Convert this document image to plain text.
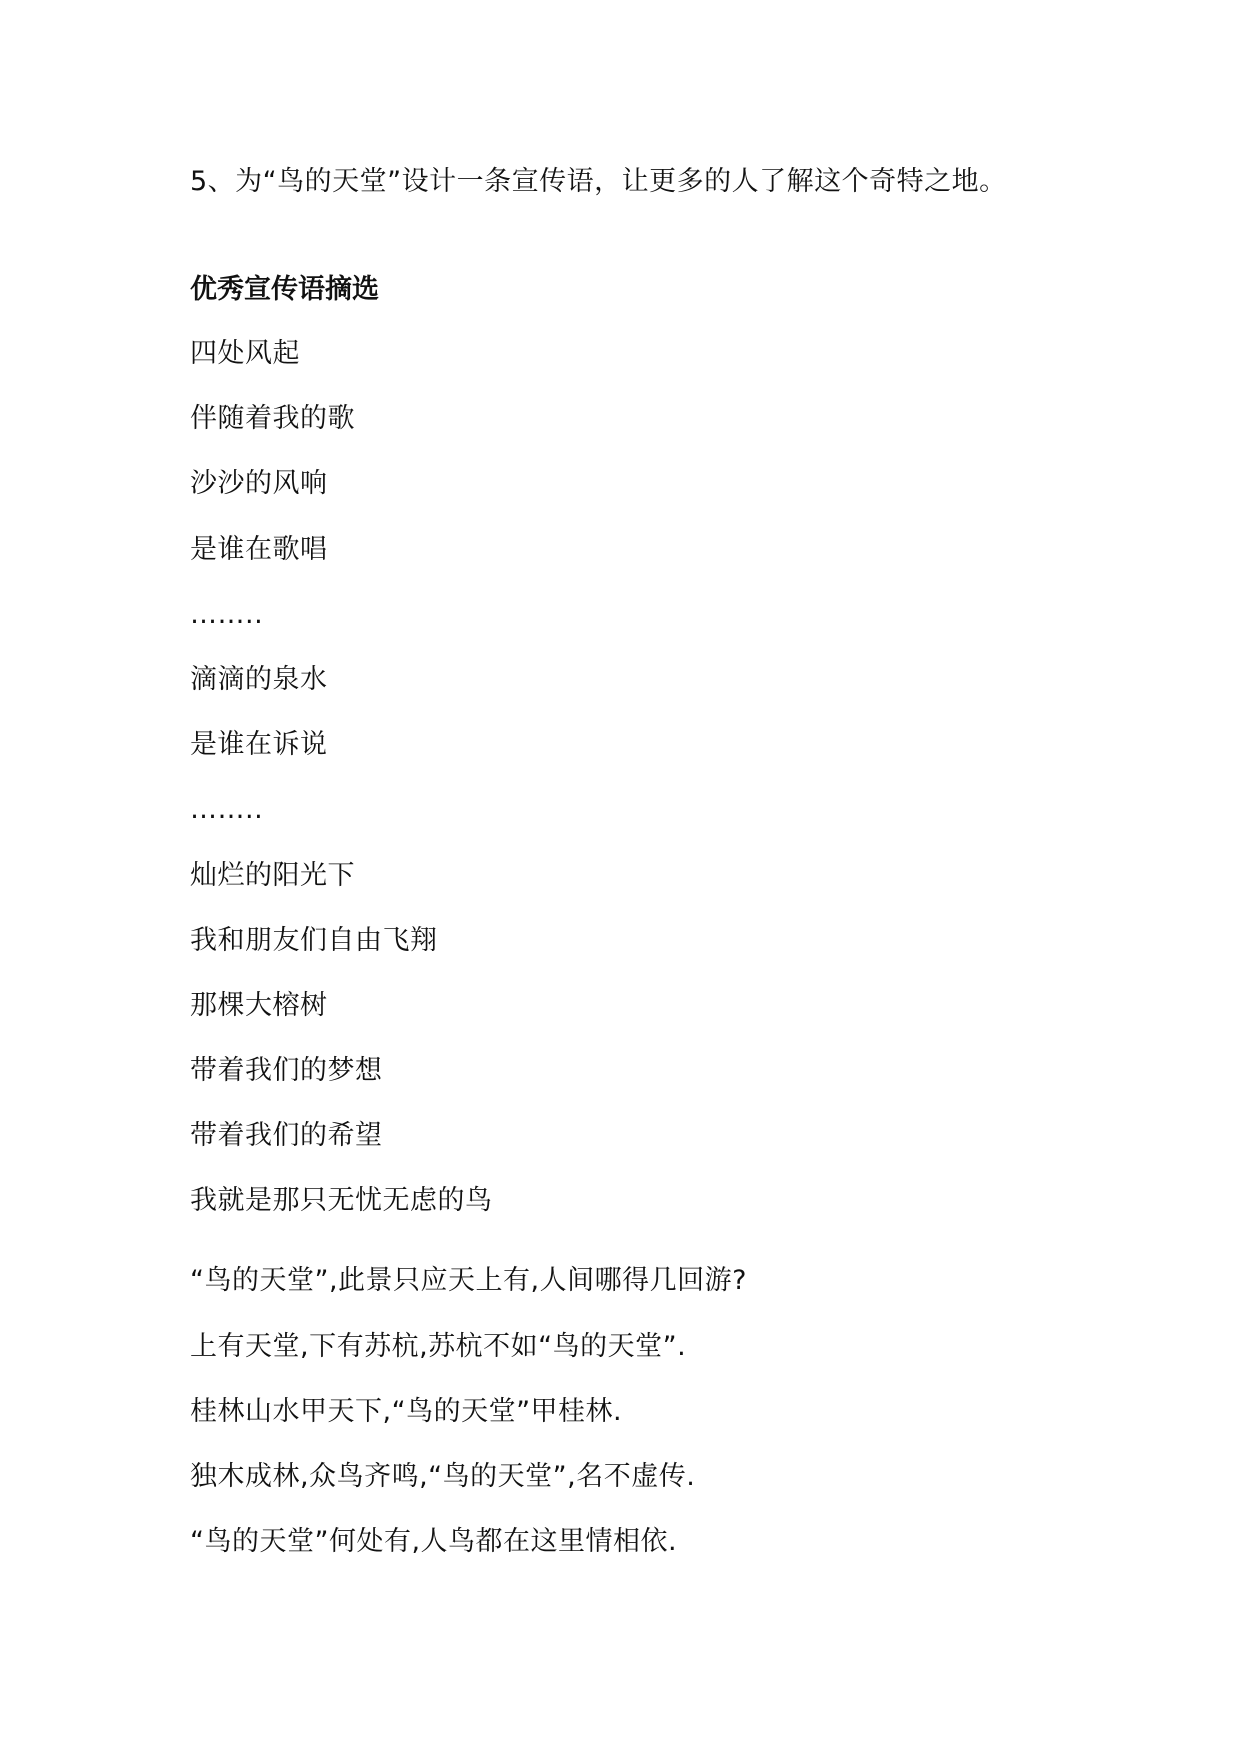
5、为“鸟的天堂”设计一条宣传语，让更多的人了解这个奇特之地。
优秀宣传语摘选
四处风起
伴随着我的歌
沙沙的风响
是谁在歌唱
……..
滴滴的泉水
是谁在诉说
……..
灿烂的阳光下
我和朋友们自由飞翔
那棵大榕树
带着我们的梦想
带着我们的希望
我就是那只无忧无虑的鸟
“鸟的天堂”,此景只应天上有,人间哪得几回游?
上有天堂,下有苏杭,苏杭不如“鸟的天堂”.
桂林山水甲天下,“鸟的天堂”甲桂林.
独木成林,众鸟齐鸣,“鸟的天堂”,名不虚传.
“鸟的天堂”何处有,人鸟都在这里情相依.
